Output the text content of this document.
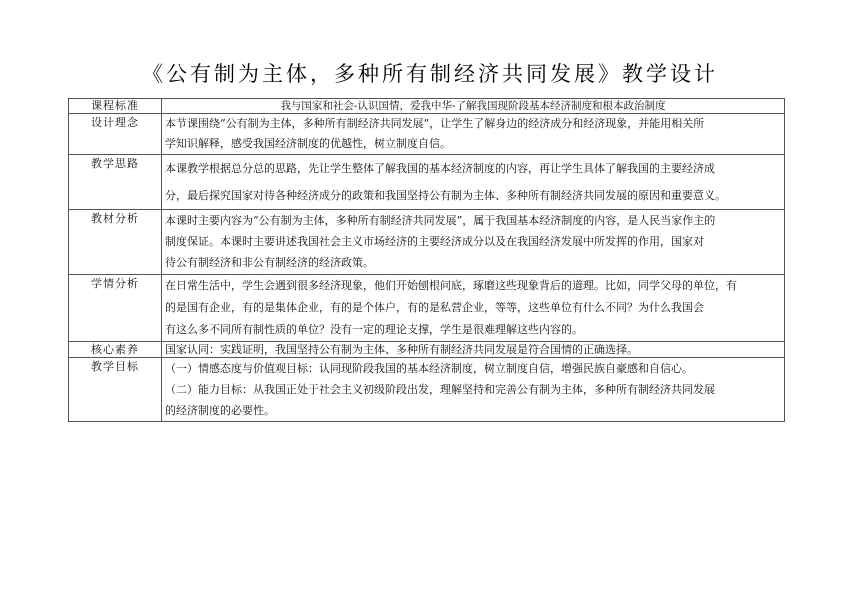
《公有制为主体，多种所有制经济共同发展》教学设计
课程标准	我与国家和社会-认识国情，爱我中华-了解我国现阶段基本经济制度和根本政治制度

设计理念	本节课围绕“公有制为主体，多种所有制经济共同发展”，让学生了解身边的经济成分和经济现象，并能用相关所
学知识解释，感受我国经济制度的优越性，树立制度自信。

教学思路	本课教学根据总分总的思路，先让学生整体了解我国的基本经济制度的内容，再让学生具体了解我国的主要经济成
分，最后探究国家对待各种经济成分的政策和我国坚持公有制为主体、多种所有制经济共同发展的原因和重要意义。

教材分析	本课时主要内容为“公有制为主体，多种所有制经济共同发展”，属于我国基本经济制度的内容，是人民当家作主的
制度保证。本课时主要讲述我国社会主义市场经济的主要经济成分以及在我国经济发展中所发挥的作用，国家对
待公有制经济和非公有制经济的经济政策。

学情分析	在日常生活中，学生会遇到很多经济现象，他们开始刨根问底，琢磨这些现象背后的道理。比如，同学父母的单位，有
的是国有企业，有的是集体企业，有的是个体户，有的是私营企业，等等，这些单位有什么不同？为什么我国会
有这么多不同所有制性质的单位？没有一定的理论支撑，学生是很难理解这些内容的。

核心素养	国家认同：实践证明，我国坚持公有制为主体、多种所有制经济共同发展是符合国情的正确选择。

教学目标	（一）情感态度与价值观目标：认同现阶段我国的基本经济制度，树立制度自信，增强民族自豪感和自信心。
（二）能力目标：从我国正处于社会主义初级阶段出发，理解坚持和完善公有制为主体，多种所有制经济共同发展
的经济制度的必要性。
